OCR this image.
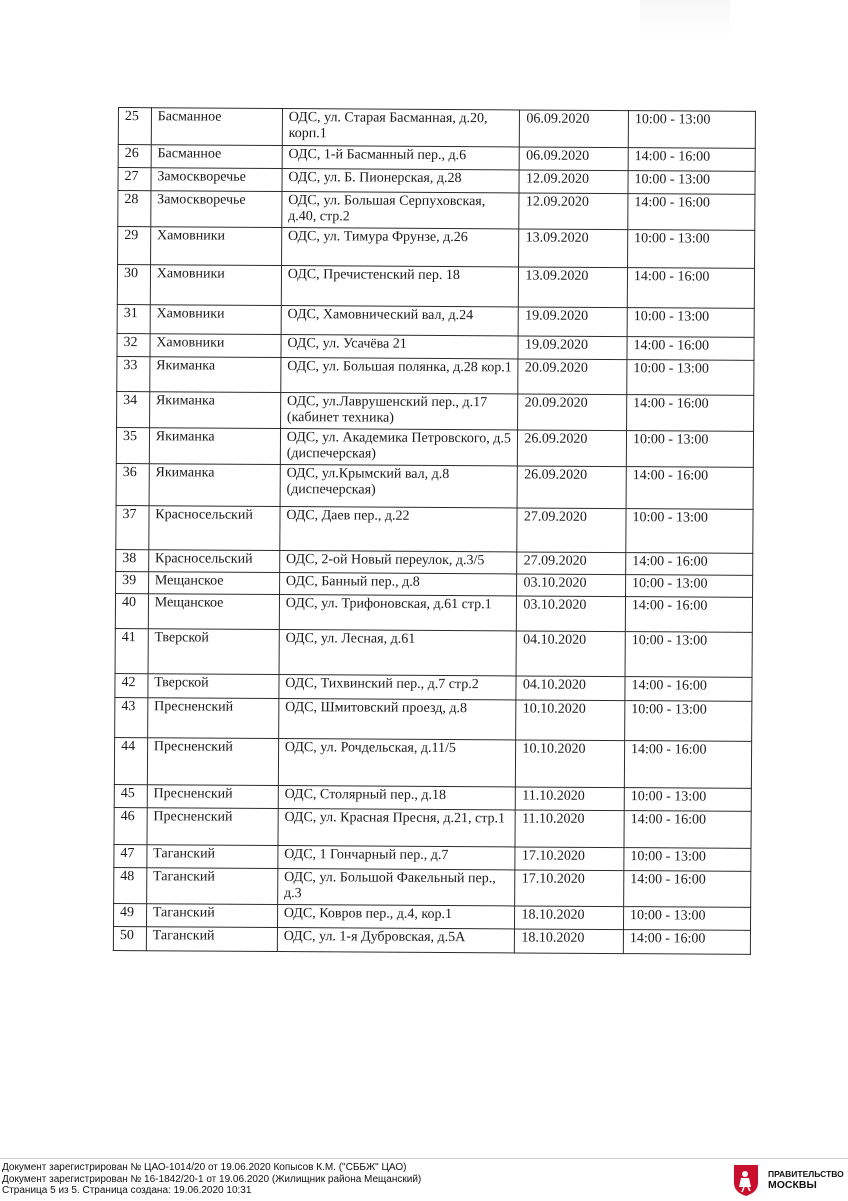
25	Басманное	ОДС, ул. Старая Басманная, д.20, корп.1	06.09.2020	10:00 - 13:00
26	Басманное	ОДС, 1-й Басманный пер., д.6	06.09.2020	14:00 - 16:00
27	Замоскворечье	ОДС, ул. Б. Пионерская, д.28	12.09.2020	10:00 - 13:00
28	Замоскворечье	ОДС, ул. Большая Серпуховская, д.40, стр.2	12.09.2020	14:00 - 16:00
29	Хамовники	ОДС, ул. Тимура Фрунзе, д.26	13.09.2020	10:00 - 13:00
30	Хамовники	ОДС, Пречистенский пер. 18	13.09.2020	14:00 - 16:00
31	Хамовники	ОДС, Хамовнический вал, д.24	19.09.2020	10:00 - 13:00
32	Хамовники	ОДС, ул. Усачёва 21	19.09.2020	14:00 - 16:00
33	Якиманка	ОДС, ул. Большая полянка, д.28 кор.1	20.09.2020	10:00 - 13:00
34	Якиманка	ОДС, ул.Лаврушенский пер., д.17 (кабинет техника)	20.09.2020	14:00 - 16:00
35	Якиманка	ОДС, ул. Академика Петровского, д.5 (диспечерская)	26.09.2020	10:00 - 13:00
36	Якиманка	ОДС, ул.Крымский вал, д.8 (диспечерская)	26.09.2020	14:00 - 16:00
37	Красносельский	ОДС, Даев пер., д.22	27.09.2020	10:00 - 13:00
38	Красносельский	ОДС, 2-ой Новый переулок, д.3/5	27.09.2020	14:00 - 16:00
39	Мещанское	ОДС, Банный пер., д.8	03.10.2020	10:00 - 13:00
40	Мещанское	ОДС, ул. Трифоновская, д.61 стр.1	03.10.2020	14:00 - 16:00
41	Тверской	ОДС, ул. Лесная, д.61	04.10.2020	10:00 - 13:00
42	Тверской	ОДС, Тихвинский пер., д.7 стр.2	04.10.2020	14:00 - 16:00
43	Пресненский	ОДС, Шмитовский проезд, д.8	10.10.2020	10:00 - 13:00
44	Пресненский	ОДС, ул. Рочдельская, д.11/5	10.10.2020	14:00 - 16:00
45	Пресненский	ОДС, Столярный пер., д.18	11.10.2020	10:00 - 13:00
46	Пресненский	ОДС, ул. Красная Пресня, д.21, стр.1	11.10.2020	14:00 - 16:00
47	Таганский	ОДС, 1 Гончарный пер., д.7	17.10.2020	10:00 - 13:00
48	Таганский	ОДС, ул. Большой Факельный пер., д.3	17.10.2020	14:00 - 16:00
49	Таганский	ОДС, Ковров пер., д.4, кор.1	18.10.2020	10:00 - 13:00
50	Таганский	ОДС, ул. 1-я Дубровская, д.5А	18.10.2020	14:00 - 16:00
Документ зарегистрирован № ЦАО-1014/20 от 19.06.2020 Копысов К.М. ("СББЖ" ЦАО)
Документ зарегистрирован № 16-1842/20-1 от 19.06.2020 (Жилищник района Мещанский)
Страница 5 из 5. Страница создана: 19.06.2020 10:31
ПРАВИТЕЛЬСТВО
МОСКВЫ
